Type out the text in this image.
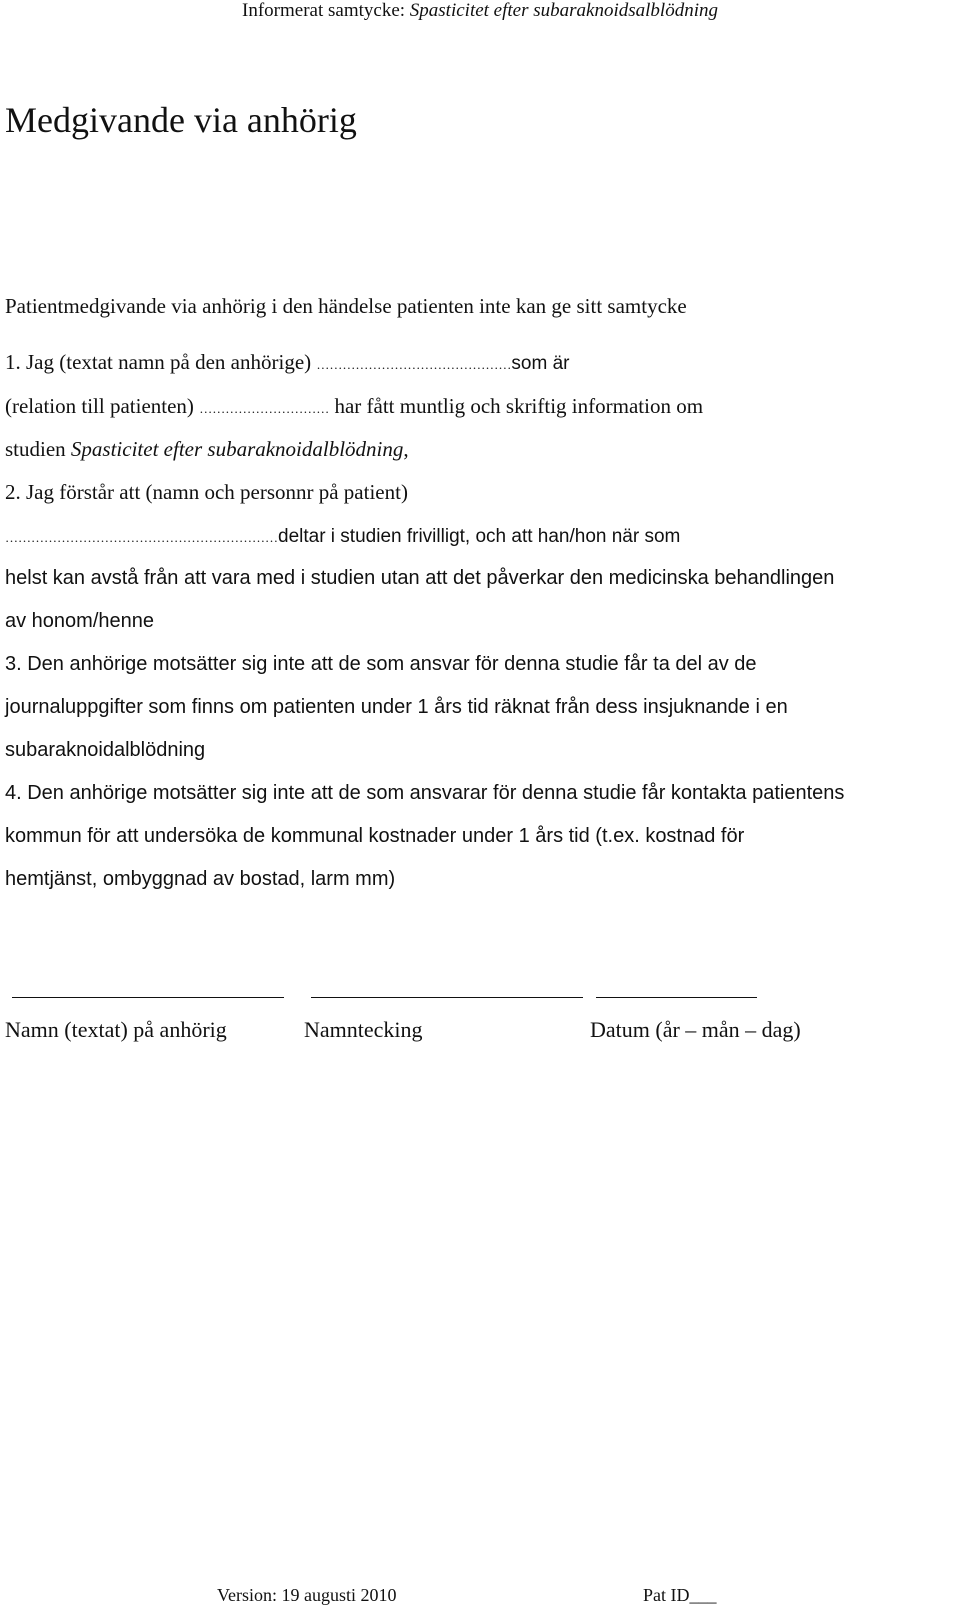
Informerat samtycke: Spasticitet efter subaraknoidsalblödning
Medgivande via anhörig
Patientmedgivande via anhörig i den händelse patienten inte kan ge sitt samtycke
1. Jag (textat namn på den anhörige) ………………………………………som är
(relation till patienten) ………………………… har fått muntlig och skriftig information om
studien Spasticitet efter subaraknoidalblödning,
2. Jag förstår att (namn och personnr på patient)
………………………………………………………deltar i studien frivilligt, och att han/hon när som
helst kan avstå från att vara med i studien utan att det påverkar den medicinska behandlingen
av honom/henne
3. Den anhörige motsätter sig inte att de som ansvar för denna studie får ta del av de
journaluppgifter som finns om patienten under 1 års tid räknat från dess insjuknande i en
subaraknoidalblödning
4. Den anhörige motsätter sig inte att de som ansvarar för denna studie får kontakta patientens
kommun för att undersöka de kommunal kostnader under 1 års tid (t.ex. kostnad för
hemtjänst, ombyggnad av bostad, larm mm)
Namn (textat) på anhörig	Namntecking	Datum (år – mån – dag)
Version: 19 augusti 2010	Pat ID___
